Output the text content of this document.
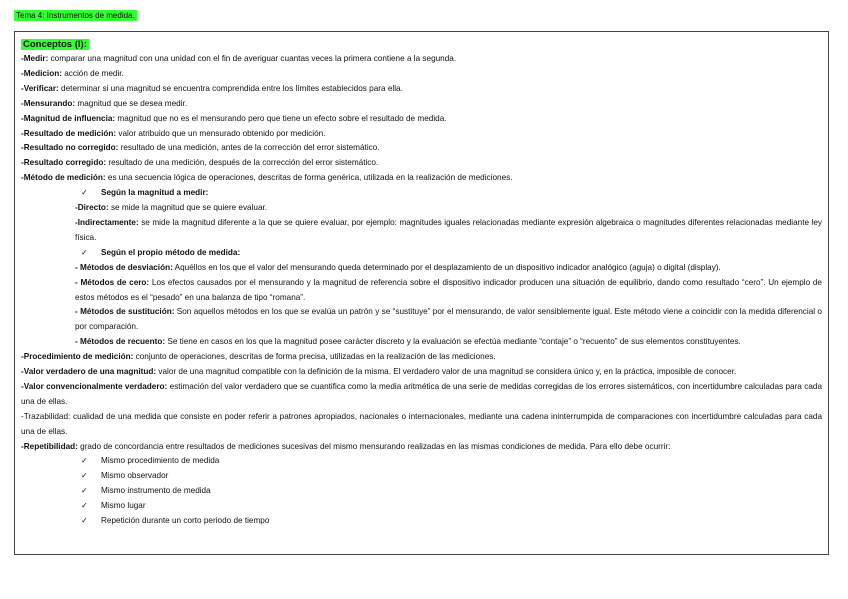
Tema 4: Instrumentos de medida.
Conceptos (I):
-Medir: comparar una magnitud con una unidad con el fin de averiguar cuantas veces la primera contiene a la segunda.
-Medicion: acción de medir.
-Verificar: determinar si una magnitud se encuentra comprendida entre los límites establecidos para ella.
-Mensurando: magnitud que se desea medir.
-Magnitud de influencia: magnitud que no es el mensurando pero que tiene un efecto sobre el resultado de medida.
-Resultado de medición: valor atribuido que un mensurado obtenido por medición.
-Resultado no corregido: resultado de una medición, antes de la corrección del error sistemático.
-Resultado corregido: resultado de una medición, después de la corrección del error sistemático.
-Método de medición: es una secuencia lógica de operaciones, descritas de forma genérica, utilizada en la realización de mediciones.
✓ Según la magnitud a medir:
-Directo: se mide la magnitud que se quiere evaluar.
-Indirectamente: se mide la magnitud diferente a la que se quiere evaluar, por ejemplo: magnitudes iguales relacionadas mediante expresión algebraica o magnitudes diferentes relacionadas mediante ley física.
✓ Según el propio método de medida:
- Métodos de desviación: Aquéllos en los que el valor del mensurando queda determinado por el desplazamiento de un dispositivo indicador analógico (aguja) o digital (display).
- Métodos de cero: Los efectos causados por el mensurando y la magnitud de referencia sobre el dispositivo indicador producen una situación de equilibrio, dando como resultado “cero”. Un ejemplo de estos métodos es el “pesado” en una balanza de tipo “romana”.
- Métodos de sustitución: Son aquellos métodos en los que se evalúa un patrón y se “sustituye” por el mensurando, de valor sensiblemente igual. Este método viene a coincidir con la medida diferencial o por comparación.
- Métodos de recuento: Se tiene en casos en los que la magnitud posee carácter discreto y la evaluación se efectúa mediante “contaje” o “recuento” de sus elementos constituyentes.
-Procedimiento de medición: conjunto de operaciones, descritas de forma precisa, utilizadas en la realización de las mediciones.
-Valor verdadero de una magnitud: valor de una magnitud compatible con la definición de la misma. El verdadero valor de una magnitud se considera único y, en la práctica, imposible de conocer.
-Valor convencionalmente verdadero: estimación del valor verdadero que se cuantifica como la media aritmética de una serie de medidas corregidas de los errores sistemáticos, con incertidumbre calculadas para cada una de ellas.
-Trazabilidad: cualidad de una medida que consiste en poder referir a patrones apropiados, nacionales o internacionales, mediante una cadena ininterrumpida de comparaciones con incertidumbre calculadas para cada una de ellas.
-Repetibilidad: grado de concordancia entre resultados de mediciones sucesivas del mismo mensurando realizadas en las mismas condiciones de medida. Para ello debe ocurrir:
✓ Mismo procedimiento de medida
✓ Mismo observador
✓ Mismo instrumento de medida
✓ Mismo lugar
✓ Repetición durante un corto periodo de tiempo
